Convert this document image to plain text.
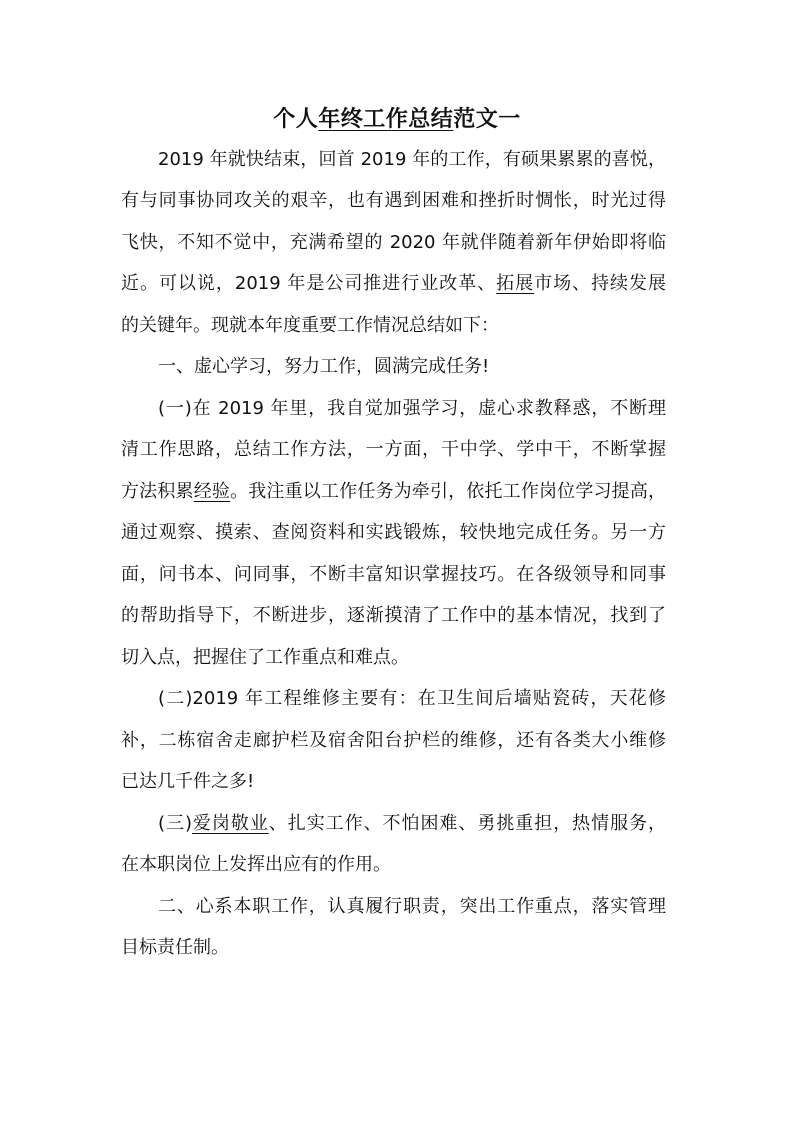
个人年终工作总结范文一
2019 年就快结束，回首 2019 年的工作，有硕果累累的喜悦，
有与同事协同攻关的艰辛，也有遇到困难和挫折时惆怅，时光过得
飞快，不知不觉中，充满希望的 2020 年就伴随着新年伊始即将临
近。可以说，2019 年是公司推进行业改革、拓展市场、持续发展
的关键年。现就本年度重要工作情况总结如下：
一、虚心学习，努力工作，圆满完成任务!
(一)在 2019 年里，我自觉加强学习，虚心求教释惑，不断理
清工作思路，总结工作方法，一方面，干中学、学中干，不断掌握
方法积累经验。我注重以工作任务为牵引，依托工作岗位学习提高，
通过观察、摸索、查阅资料和实践锻炼，较快地完成任务。另一方
面，问书本、问同事，不断丰富知识掌握技巧。在各级领导和同事
的帮助指导下，不断进步，逐渐摸清了工作中的基本情况，找到了
切入点，把握住了工作重点和难点。
(二)2019 年工程维修主要有：在卫生间后墙贴瓷砖，天花修
补，二栋宿舍走廊护栏及宿舍阳台护栏的维修，还有各类大小维修
已达几千件之多!
(三)爱岗敬业、扎实工作、不怕困难、勇挑重担，热情服务，
在本职岗位上发挥出应有的作用。
二、心系本职工作，认真履行职责，突出工作重点，落实管理
目标责任制。
